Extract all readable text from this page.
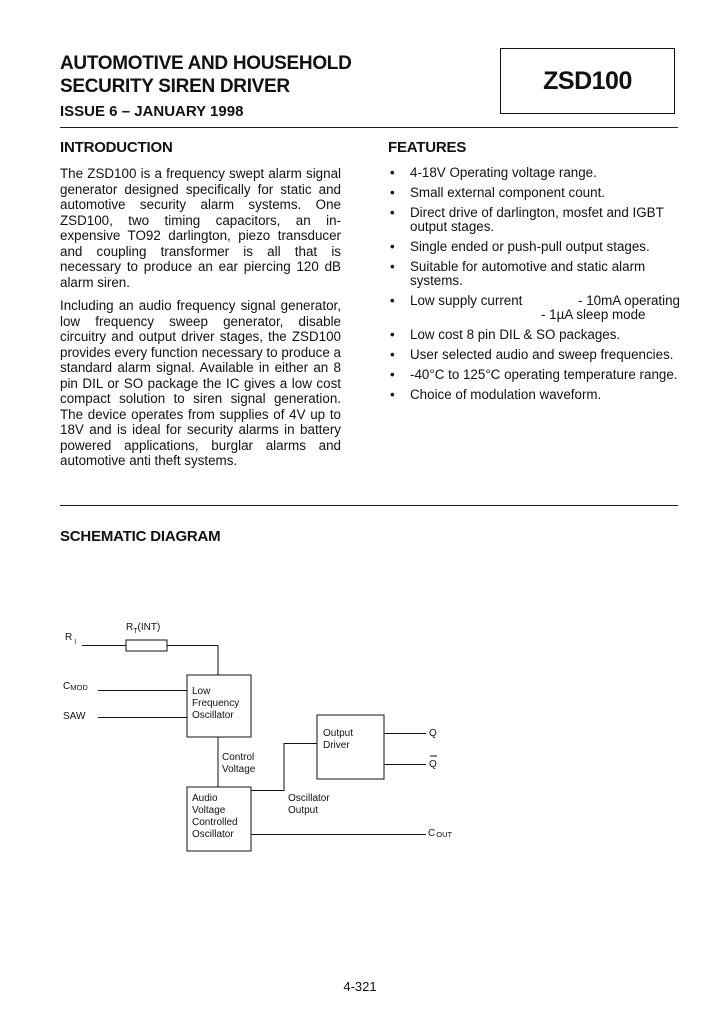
AUTOMOTIVE AND HOUSEHOLD
SECURITY SIREN DRIVER
ISSUE 6 – JANUARY 1998
ZSD100
INTRODUCTION

The ZSD100 is a frequency swept alarm signal generator designed specifically for static and automotive security alarm systems. One ZSD100, two timing capacitors, an in-expensive TO92 darlington, piezo transducer and coupling transformer is all that is necessary to produce an ear piercing 120 dB alarm siren.

Including an audio frequency signal generator, low frequency sweep generator, disable circuitry and output driver stages, the ZSD100 provides every function necessary to produce a standard alarm signal. Available in either an 8 pin DIL or SO package the IC gives a low cost compact solution to siren signal generation. The device operates from supplies of 4V up to 18V and is ideal for security alarms in battery powered applications, burglar alarms and automotive anti theft systems.

FEATURES
• 4-18V Operating voltage range.
• Small external component count.
• Direct drive of darlington, mosfet and IGBT output stages.
• Single ended or push-pull output stages.
• Suitable for automotive and static alarm systems.
• Low supply current	- 10mA operating
- 1µA sleep mode
• Low cost 8 pin DIL & SO packages.
• User selected audio and sweep frequencies.
• -40°C to 125°C operating temperature range.
• Choice of modulation waveform.
SCHEMATIC DIAGRAM
$R_T(INT)$
R $_I$
CMOD
SAW
Low
Frequency
Oscillator
Control
Voltage
Audio
Voltage
Controlled
Oscillator
Oscillator
Output
Output
Driver
Q
Q
COUT
4-321
